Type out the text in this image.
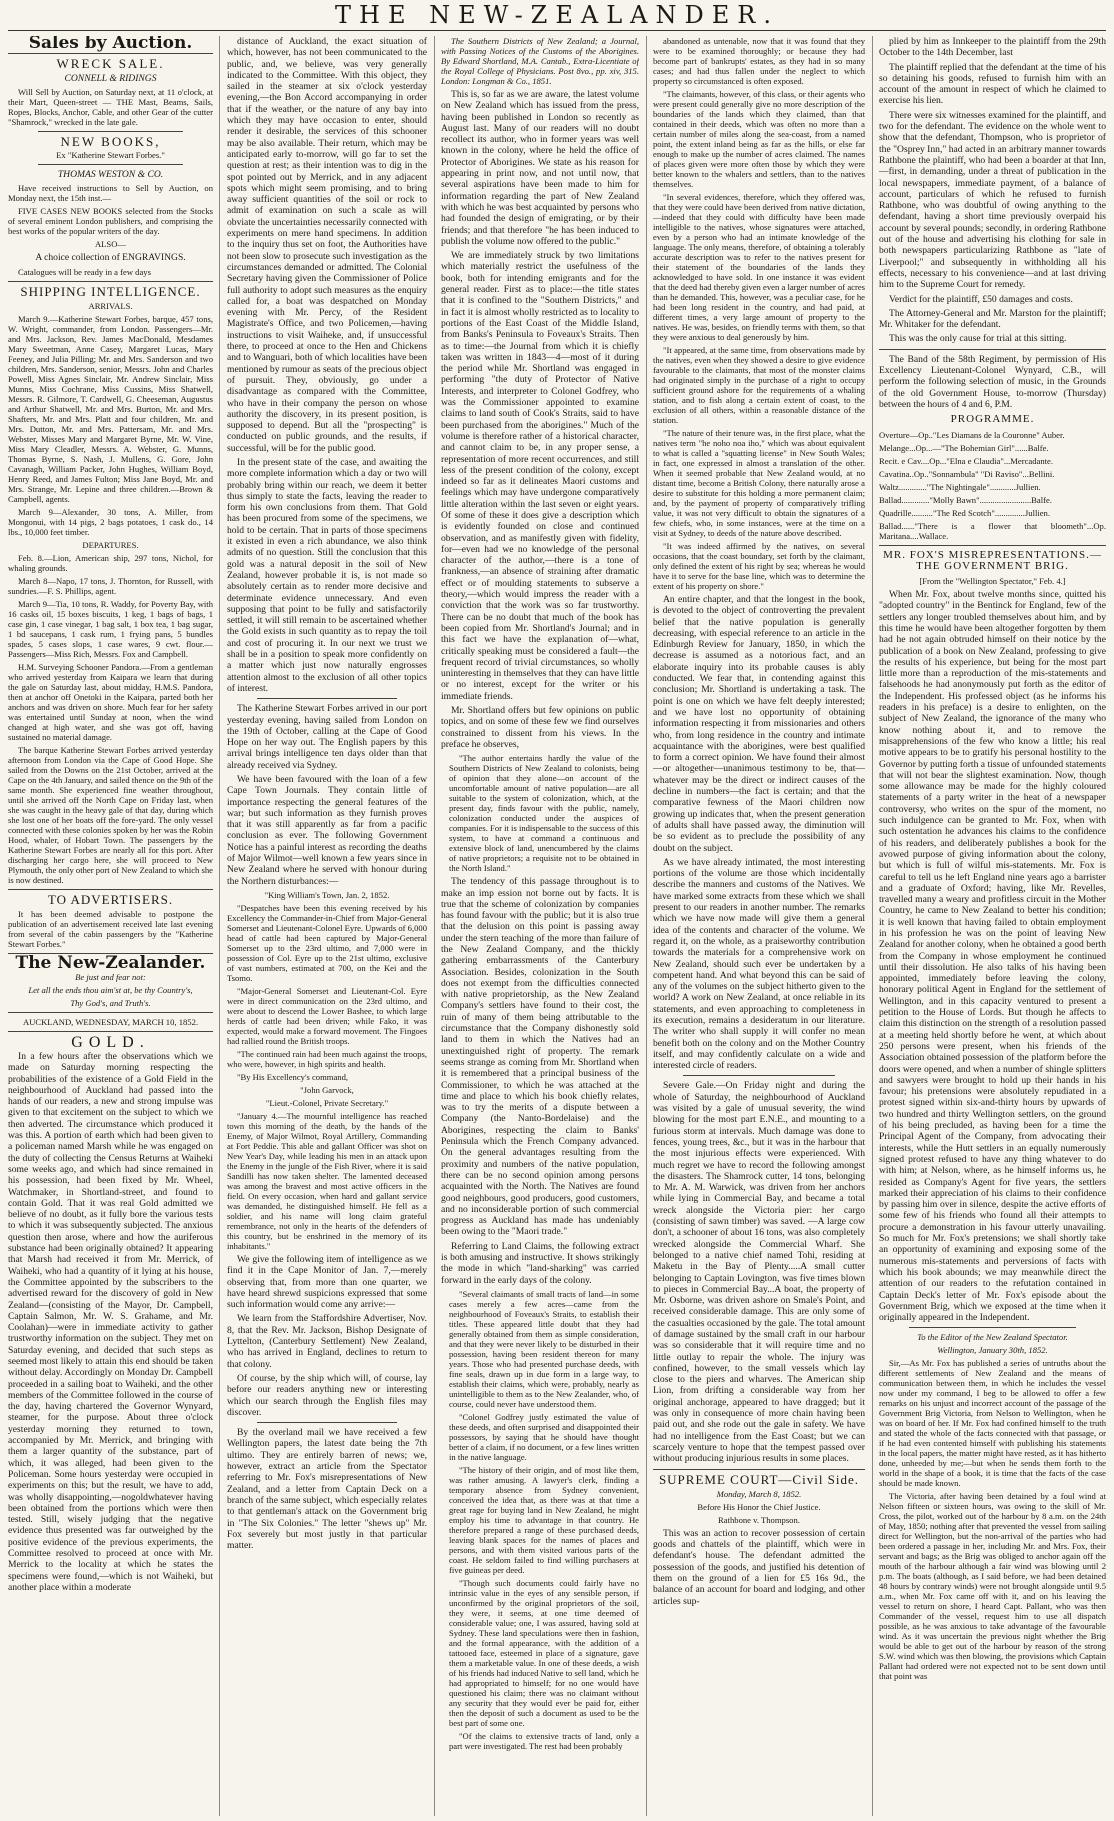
THE NEW-ZEALANDER.
Sales by Auction.
WRECK SALE.

CONNELL & RIDINGS

Will Sell by Auction, on Saturday next, at 11 o'clock, at their Mart, Queen-street — THE Mast, Beams, Sails, Ropes, Blocks, Anchor, Cable, and other Gear of the cutter "Shamrock," wrecked in the late gale.

NEW BOOKS,

Ex "Katherine Stewart Forbes."

THOMAS WESTON & CO.

Have received instructions to Sell by Auction, on Monday next, the 15th inst.—

FIVE CASES NEW BOOKS selected from the Stocks of several eminent London publishers, and comprising the best works of the popular writers of the day.

ALSO—

A choice collection of ENGRAVINGS.

Catalogues will be ready in a few days

SHIPPING INTELLIGENCE.

ARRIVALS.

March 9.—Katherine Stewart Forbes, barque, 457 tons, W. Wright, commander, from London. Passengers—Mr. and Mrs. Jackson, Rev. James MacDonald, Mesdames Mary Sweetman, Anne Casey, Margaret Lucas, Mary Feeney, and Julia Pilling; Mr. and Mrs. Sanderson and two children, Mrs. Sanderson, senior, Messrs. John and Charles Powell, Miss Agnes Sinclair, Mr. Andrew Sinclair, Miss Munns, Miss Cochrane, Miss Cussins, Miss Shatwell, Messrs. R. Gilmore, T. Cardwell, G. Cheeseman, Augustus and Arthur Shatwell, Mr. and Mrs. Burton, Mr. and Mrs. Shafters, Mr. and Mrs. Platt and four children, Mr. and Mrs. Dutton, Mr. and Mrs. Pattersam, Mr. and Mrs. Webster, Misses Mary and Margaret Byrne, Mr. W. Vine, Miss Mary Cleadler, Messrs. A. Webster, G. Munns, Thomas Byrne, S. Nash, J. Mullens, G. Gore, John Cavanagh, William Packer, John Hughes, William Boyd, Henry Reed, and James Fulton; Miss Jane Boyd, Mr. and Mrs. Strange, Mr. Lepine and three children.—Brown & Campbell, agents.

March 9—Alexander, 30 tons, A. Miller, from Mongonui, with 14 pigs, 2 bags potatoes, 1 cask do., 14 lbs., 10,000 feet timber.

DEPARTURES.

Feb. 8.—Lion, American ship, 297 tons, Nichol, for whaling grounds.

March 8—Napo, 17 tons, J. Thornton, for Russell, with sundries.—F. S. Phillips, agent.

March 9—Tia, 10 tons, R. Waddy, for Poverty Bay, with 16 casks oil, 15 boxes biscuits, 1 keg, 1 bags of bags, 1 case gin, 1 case vinegar, 1 bag salt, 1 box tea, 1 bag sugar, 1 bd saucepans, 1 cask rum, 1 frying pans, 5 bundles spades, 5 cases slops, 1 case wares, 9 cwt. flour.—Passengers—Miss Rich, Messrs. Fox and Campbell.

H.M. Surveying Schooner Pandora.—From a gentleman who arrived yesterday from Kaipara we learn that during the gale on Saturday last, about midday, H.M.S. Pandora, then at anchor off Onetoki in the Kaipara, parted both her anchors and was driven on shore. Much fear for her safety was entertained until Sunday at noon, when the wind changed at high water, and she was got off, having sustained no material damage.

The barque Katherine Stewart Forbes arrived yesterday afternoon from London via the Cape of Good Hope. She sailed from the Downs on the 21st October, arrived at the Cape on the 4th January, and sailed thence on the 9th of the same month. She experienced fine weather throughout, until she arrived off the North Cape on Friday last, when she was caught in the heavy gale of that day, during which she lost one of her boats off the fore-yard. The only vessel connected with these colonies spoken by her was the Robin Hood, whaler, of Hobart Town. The passengers by the Katherine Stewart Forbes are nearly all for this port. After discharging her cargo here, she will proceed to New Plymouth, the only other port of New Zealand to which she is now destined.

TO ADVERTISERS.

It has been deemed advisable to postpone the publication of an advertisement received late last evening from several of the cabin passengers by the "Katherine Stewart Forbes."

The New-Zealander.

Be just and fear not:

Let all the ends thou aim'st at, be thy Country's,

Thy God's, and Truth's.

AUCKLAND, WEDNESDAY, MARCH 10, 1852.

GOLD.

In a few hours after the observations which we made on Saturday morning respecting the probabilities of the existence of a Gold Field in the neighbourhood of Auckland had passed into the hands of our readers, a new and strong impulse was given to that excitement on the subject to which we then adverted. The circumstance which produced it was this. A portion of earth which had been given to a policeman named Marsh while he was engaged on the duty of collecting the Census Returns at Waiheki some weeks ago, and which had since remained in his possession, had been fixed by Mr. Wheel, Watchmaker, in Shortland-street, and found to contain Gold. That it was real Gold admitted we believe of no doubt, as it fully bore the various tests to which it was subsequently subjected. The anxious question then arose, where and how the auriferous substance had been originally obtained? It appearing that Marsh had received it from Mr. Merrick, of Waiheki, who had a quantity of it lying at his house, the Committee appointed by the subscribers to the advertised reward for the discovery of gold in New Zealand—(consisting of the Mayor, Dr. Campbell, Captain Salmon, Mr. W. S. Grahame, and Mr. Coolahan)—were in immediate activity to gather trustworthy information on the subject. They met on Saturday evening, and decided that such steps as seemed most likely to attain this end should be taken without delay. Accordingly on Monday Dr. Campbell proceeded in a sailing boat to Waiheki, and the other members of the Committee followed in the course of the day, having chartered the Governor Wynyard, steamer, for the purpose. About three o'clock yesterday morning they returned to town, accompanied by Mr. Merrick, and bringing with them a larger quantity of the substance, part of which, it was alleged, had been given to the Policeman. Some hours yesterday were occupied in experiments on this; but the result, we have to add, was wholly disappointing,—nogoldwhatever having been obtained from the portions which were then tested. Still, wisely judging that the negative evidence thus presented was far outweighed by the positive evidence of the previous experiments, the Committee resolved to proceed at once with Mr. Merrick to the locality at which he states the specimens were found,—which is not Waiheki, but another place within a moderate

distance of Auckland, the exact situation of which, however, has not been communicated to the public, and, we believe, was very generally indicated to the Committee. With this object, they sailed in the steamer at six o'clock yesterday evening,—the Bon Accord accompanying in order that if the weather, or the nature of any bay into which they may have occasion to enter, should render it desirable, the services of this schooner may be also available. Their return, which may be anticipated early to-morrow, will go far to set the question at rest; as their intention was to dig in the spot pointed out by Merrick, and in any adjacent spots which might seem promising, and to bring away sufficient quantities of the soil or rock to admit of examination on such a scale as will obviate the uncertainties necessarily connected with experiments on mere hand specimens. In addition to the inquiry thus set on foot, the Authorities have not been slow to prosecute such investigation as the circumstances demanded or admitted. The Colonial Secretary having given the Commissioner of Police full authority to adopt such measures as the enquiry called for, a boat was despatched on Monday evening with Mr. Percy, of the Resident Magistrate's Office, and two Policemen,—having instructions to visit Waiheke, and, if unsuccessful there, to proceed at once to the Hen and Chickens and to Wanguari, both of which localities have been mentioned by rumour as seats of the precious object of pursuit. They, obviously, go under a disadvantage as compared with the Committee, who have in their company the person on whose authority the discovery, in its present position, is supposed to depend. But all the "prospecting" is conducted on public grounds, and the results, if successful, will be for the public good.

In the present state of the case, and awaiting the more complete information which a day or two will probably bring within our reach, we deem it better thus simply to state the facts, leaving the reader to form his own conclusions from them. That Gold has been procured from some of the specimens, we hold to be certain. That in parts of those specimens it existed in even a rich abundance, we also think admits of no question. Still the conclusion that this gold was a natural deposit in the soil of New Zealand, however probable it is, is not made so absolutely certain as to render more decisive and determinate evidence unnecessary. And even supposing that point to be fully and satisfactorily settled, it will still remain to be ascertained whether the Gold exists in such quantity as to repay the toil and cost of procuring it. In our next we trust we shall be in a position to speak more confidently on a matter which just now naturally engrosses attention almost to the exclusion of all other topics of interest.

The Katherine Stewart Forbes arrived in our port yesterday evening, having sailed from London on the 19th of October, calling at the Cape of Good Hope on her way out. The English papers by this arrival brings intelligence ten days older than that already received via Sydney.

We have been favoured with the loan of a few Cape Town Journals. They contain little of importance respecting the general features of the war; but such information as they furnish proves that it was still apparently as far from a pacific conclusion as ever. The following Government Notice has a painful interest as recording the deaths of Major Wilmot—well known a few years since in New Zealand where he served with honour during the Northern disturbances:—

"King William's Town, Jan. 2, 1852.

"Despatches have been this evening received by his Excellency the Commander-in-Chief from Major-General Somerset and Lieutenant-Colonel Eyre. Upwards of 6,000 head of cattle had been captured by Major-General Somerset up to the 23rd ultimo, and 7,000 were in possession of Col. Eyre up to the 21st ultimo, exclusive of vast numbers, estimated at 700, on the Kei and the Tsomo.

"Major-General Somerset and Lieutenant-Col. Eyre were in direct communication on the 23rd ultimo, and were about to descend the Lower Bashee, to which large herds of cattle had been driven; while Fako, it was expected, would make a forward movement. The Fingoes had rallied round the British troops.

"The continued rain had been much against the troops, who were, however, in high spirits and health.

"By His Excellency's command,

"John Garvock,

"Lieut.-Colonel, Private Secretary."

"January 4.—The mournful intelligence has reached town this morning of the death, by the hands of the Enemy, of Major Wilmot, Royal Artillery, Commanding at Fort Peddie. This able and gallant Officer was shot on New Year's Day, while leading his men in an attack upon the Enemy in the jungle of the Fish River, where it is said Sandilli has now taken shelter. The lamented deceased was among the bravest and most active officers in the field. On every occasion, when hard and gallant service was demanded, he distinguished himself. He fell as a soldier, and his name will long claim grateful remembrance, not only in the hearts of the defenders of this country, but be enshrined in the memory of its inhabitants."

We give the following item of intelligence as we find it in the Cape Monitor of Jan. 7,—merely observing that, from more than one quarter, we have heard shrewd suspicions expressed that some such information would come any arrive:—

We learn from the Staffordshire Advertiser, Nov. 8, that the Rev. Mr. Jackson, Bishop Designate of Lyttelton, (Canterbury Settlement) New Zealand, who has arrived in England, declines to return to that colony.

Of course, by the ship which will, of course, lay before our readers anything new or interesting which our search through the English files may discover.

By the overland mail we have received a few Wellington papers, the latest date being the 7th ultimo. They are entirely barren of news; we, however, extract an article from the Spectator referring to Mr. Fox's misrepresentations of New Zealand, and a letter from Captain Deck on a branch of the same subject, which especially relates to that gentleman's attack on the Government brig in "The Six Colonies." The letter "shews up" Mr. Fox severely but most justly in that particular matter.

The Southern Districts of New Zealand; a Journal, with Passing Notices of the Customs of the Aborigines. By Edward Shortland, M.A. Cantab., Extra-Licentiate of the Royal College of Physicians. Post 8vo., pp. xiv, 315. London: Longman & Co., 1851.

This is, so far as we are aware, the latest volume on New Zealand which has issued from the press, having been published in London so recently as August last. Many of our readers will no doubt recollect its author, who in former years was well known in the colony, where he held the office of Protector of Aborigines. We state as his reason for appearing in print now, and not until now, that several aspirations have been made to him for information regarding the part of New Zealand with which he was best acquainted by persons who had founded the design of emigrating, or by their friends; and that therefore "he has been induced to publish the volume now offered to the public."

We are immediately struck by two limitations which materially restrict the usefulness of the book, both for intending emigrants and for the general reader. First as to place:—the title states that it is confined to the "Southern Districts," and in fact it is almost wholly restricted as to locality to portions of the East Coast of the Middle Island, from Banks's Peninsula to Foveaux's Straits. Then as to time:—the Journal from which it is chiefly taken was written in 1843—4—most of it during the period while Mr. Shortland was engaged in performing "the duty of Protector of Native Interests, and interpreter to Colonel Godfrey, who was the Commissioner appointed to examine claims to land south of Cook's Straits, said to have been purchased from the aborigines." Much of the volume is therefore rather of a historical character, and cannot claim to be, in any proper sense, a representation of more recent occurrences, and still less of the present condition of the colony, except indeed so far as it delineates Maori customs and feelings which may have undergone comparatively little alteration within the last seven or eight years. Of some of these it does give a description which is evidently founded on close and continued observation, and as manifestly given with fidelity, for—even had we no knowledge of the personal character of the author,—there is a tone of frankness,—an absence of straining after dramatic effect or of moulding statements to subserve a theory,—which would impress the reader with a conviction that the work was so far trustworthy. There can be no doubt that much of the book has been copied from Mr. Shortland's Journal; and in this fact we have the explanation of—what, critically speaking must be considered a fault—the frequent record of trivial circumstances, so wholly uninteresting in themselves that they can have little or no interest, except for the writer or his immediate friends.

Mr. Shortland offers but few opinions on public topics, and on some of these few we find ourselves constrained to dissent from his views. In the preface he observes,

"The author entertains hardly the value of the Southern Districts of New Zealand to colonists, being of opinion that they alone—on account of the uncomfortable amount of native population—are all suitable to the system of colonization, which, at the present day, finds favour with the public, namely, colonization conducted under the auspices of companies. For it is indispensable to the success of this system, to have at command a continuous and extensive block of land, unencumbered by the claims of native proprietors; a requisite not to be obtained in the North Island."

The tendency of this passage throughout is to make an imp ession not borne out by facts. It is true that the scheme of colonization by companies has found favour with the public; but it is also true that the delusion on this point is passing away under the stern teaching of the more than failure of the New Zealand Company, and the thickly gathering embarrassments of the Canterbury Association. Besides, colonization in the South does not exempt from the difficulties connected with native proprietorship, as the New Zealand Company's settlers have found to their cost, the ruin of many of them being attributable to the circumstance that the Company dishonestly sold land to them in which the Natives had an unextinguished right of property. The remark seems strange as coming from Mr. Shortland when it is remembered that a principal business of the Commissioner, to which he was attached at the time and place to which his book chiefly relates, was to try the merits of a dispute between a Company (the Nanto-Bordelaise) and the Aborigines, respecting the claim to Banks' Peninsula which the French Company advanced. On the general advantages resulting from the proximity and numbers of the native population, there can be no second opinion among persons acquainted with the North. The Natives are found good neighbours, good producers, good customers, and no inconsiderable portion of such commercial progress as Auckland has made has undeniably been owing to the "Maori trade."

Referring to Land Claims, the following extract is both amusing and instructive. It shows strikingly the mode in which "land-sharking" was carried forward in the early days of the colony.

"Several claimants of small tracts of land—in some cases merely a few acres—came from the neighbourhood of Foveaux's Straits, to establish their titles. These appeared little doubt that they had generally obtained from them as simple consideration, and that they were never likely to be disturbed in their possession, having been resident thereon for many years. Those who had presented purchase deeds, with fine seals, drawn up in due form in a large way, to establish their claims, which were, probably, nearly as unintelligible to them as to the New Zealander, who, of course, could never have understood them.

"Colonel Godfrey justly estimated the value of these deeds, and often surprised and disappointed their possessors, by saying that he should have thought better of a claim, if no document, or a few lines written in the native language.

"The history of their origin, and of most like them, was rather amusing. A lawyer's clerk, finding a temporary absence from Sydney convenient, conceived the idea that, as there was at that time a great rage for buying land in New Zealand, he might employ his time to advantage in that country. He therefore prepared a range of these purchased deeds, leaving blank spaces for the names of places and persons, and with them visited various parts of the coast. He seldom failed to find willing purchasers at five guineas per deed.

"Though such documents could fairly have no intrinsic value in the eyes of any sensible person, if unconfirmed by the original proprietors of the soil, they were, it seems, at one time deemed of considerable value; one, I was assured, having sold at Sydney. These land speculations were then in fashion, and the formal appearance, with the addition of a tattooed face, esteemed in place of a signature, gave them a marketable value. In one of these deeds, a wish of his friends had induced Native to sell land, which he had appropriated to himself; for no one would have questioned his claim; there was no claimant without any security that they would ever be paid for, either then the deposit of such a document as used to be the best part of some one.

"Of the claims to extensive tracts of land, only a part were investigated. The rest had been probably

abandoned as untenable, now that it was found that they were to be examined thoroughly; or because they had become part of bankrupts' estates, as they had in so many cases; and had thus fallen under the neglect to which property so circumstanced is often exposed.

"The claimants, however, of this class, or their agents who were present could generally give no more description of the boundaries of the lands which they claimed, than that contained in their deeds, which was often no more than a certain number of miles along the sea-coast, from a named point, the extent inland being as far as the hills, or else far enough to make up the number of acres claimed. The names of places given were more often those by which they were better known to the whalers and settlers, than to the natives themselves.

"In several evidences, therefore, which they offered was, that they were could have been derived from native dictation,—indeed that they could with difficulty have been made intelligible to the natives, whose signatures were attached, even by a person who had an intimate knowledge of the language. The only means, therefore, of obtaining a tolerably accurate description was to refer to the natives present for their statement of the boundaries of the lands they acknowledged to have sold. In one instance it was evident that the deed had thereby given even a larger number of acres than he demanded. This, however, was a peculiar case, for he had been long resident in the country, and had paid, at different times, a very large amount of property to the natives. He was, besides, on friendly terms with them, so that they were anxious to deal generously by him.

"It appeared, at the same time, from observations made by the natives, even when they showed a desire to give evidence favourable to the claimants, that most of the monster claims had originated simply in the purchase of a right to occupy sufficient ground ashore for the requirements of a whaling station, and to fish along a certain extent of coast, to the exclusion of all others, within a reasonable distance of the station.

"The nature of their tenure was, in the first place, what the natives term "he noho noa iho," which was about equivalent to what is called a "squatting license" in New South Wales; in fact, one expressed in almost a translation of the other. When it seemed probable that New Zealand would, at no distant time, become a British Colony, there naturally arose a desire to substitute for this holding a more permanent claim; and, by the payment of property of comparatively trifling value, it was not very difficult to obtain the signatures of a few chiefs, who, in some instances, were at the time on a visit at Sydney, to deeds of the nature above described.

"It was indeed affirmed by the natives, on several occasions, that the coast boundary, set forth by the claimant, only defined the extent of his right by sea; whereas he would have it to serve for the base line, which was to determine the extent of his property on shore."

An entire chapter, and that the longest in the book, is devoted to the object of controverting the prevalent belief that the native population is generally decreasing, with especial reference to an article in the Edinburgh Review for January, 1850, in which the decrease is assumed as a notorious fact, and an elaborate inquiry into its probable causes is ably conducted. We fear that, in contending against this conclusion; Mr. Shortland is undertaking a task. The point is one on which we have felt deeply interested; and we have lost no opportunity of obtaining information respecting it from missionaries and others who, from long residence in the country and intimate acquaintance with the aborigines, were best qualified to form a correct opinion. We have found their almost—or altogether—unanimous testimony to be, that—whatever may be the direct or indirect causes of the decline in numbers—the fact is certain; and that the comparative fewness of the Maori children now growing up indicates that, when the present generation of adults shall have passed away, the diminution will be so evident as to preclude the possibility of any doubt on the subject.

As we have already intimated, the most interesting portions of the volume are those which incidentally describe the manners and customs of the Natives. We have marked some extracts from these which we shall present to our readers in another number. The remarks which we have now made will give them a general idea of the contents and character of the volume. We regard it, on the whole, as a praiseworthy contribution towards the materials for a comprehensive work on New Zealand, should such ever be undertaken by a competent hand. And what beyond this can be said of any of the volumes on the subject hitherto given to the world? A work on New Zealand, at once reliable in its statements, and even approaching to completeness in its execution, remains a desideratum in our literature. The writer who shall supply it will confer no mean benefit both on the colony and on the Mother Country itself, and may confidently calculate on a wide and interested circle of readers.

Severe Gale.—On Friday night and during the whole of Saturday, the neighbourhood of Auckland was visited by a gale of unusual severity, the wind blowing for the most part E.N.E., and mounting to a furious storm at intervals. Much damage was done to fences, young trees, &c., but it was in the harbour that the most injurious effects were experienced. With much regret we have to record the following amongst the disasters. The Shamrock cutter, 14 tons, belonging to Mr. A. M. Warwick, was driven from her anchors while lying in Commercial Bay, and became a total wreck alongside the Victoria pier: her cargo (consisting of sawn timber) was saved. —A large cow don't, a schooner of about 16 tons, was also completely wrecked alongside the Commercial Wharf. She belonged to a native chief named Tohi, residing at Maketu in the Bay of Plenty.....A small cutter belonging to Captain Lovington, was five times blown to pieces in Commercial Bay...A boat, the property of Mr. Osborne, was driven ashore on Smale's Point, and received considerable damage. This are only some of the casualties occasioned by the gale. The total amount of damage sustained by the small craft in our harbour was so considerable that it will require time and no little outlay to repair the whole. The injury was confined, however, to the small vessels which lay close to the piers and wharves. The American ship Lion, from drifting a considerable way from her original anchorage, appeared to have dragged; but it was only in consequence of more chain having been paid out, and she rode out the gale in safety. We have had no intelligence from the East Coast; but we can scarcely venture to hope that the tempest passed over without producing injurious results in some places.

SUPREME COURT—Civil Side.

Monday, March 8, 1852.

Before His Honor the Chief Justice.

Rathbone v. Thompson.

This was an action to recover possession of certain goods and chattels of the plaintiff, which were in defendant's house. The defendant admitted the possession of the goods, and justified his detention of them on the ground of a lien for £5 16s 9d., the balance of an account for board and lodging, and other articles sup-

plied by him as Innkeeper to the plaintiff from the 29th October to the 14th December, last

The plaintiff replied that the defendant at the time of his so detaining his goods, refused to furnish him with an account of the amount in respect of which he claimed to exercise his lien.

There were six witnesses examined for the plaintiff, and two for the defendant. The evidence on the whole went to show that the defendant, Thompson, who is proprietor of the "Osprey Inn," had acted in an arbitrary manner towards Rathbone the plaintiff, who had been a boarder at that Inn,—first, in demanding, under a threat of publication in the local newspapers, immediate payment, of a balance of account, particulars of which he refused to furnish Rathbone, who was doubtful of owing anything to the defendant, having a short time previously overpaid his account by several pounds; secondly, in ordering Rathbone out of the house and advertising his clothing for sale in both newspapers particularizing Rathbone as "late of Liverpool;" and subsequently in withholding all his effects, necessary to his convenience—and at last driving him to the Supreme Court for remedy.

Verdict for the plaintiff, £50 damages and costs.

The Attorney-General and Mr. Marston for the plaintiff; Mr. Whitaker for the defendant.

This was the only cause for trial at this sitting.

The Band of the 58th Regiment, by permission of His Excellency Lieutenant-Colonel Wynyard, C.B., will perform the following selection of music, in the Grounds of the old Government House, to-morrow (Thursday) between the hours of 4 and 6, P.M.

PROGRAMME.

Overture—Op.."Les Diamans de la Couronne" Auber.

Melange...Op...—"The Bohemian Girl"......Balfe.

Recit. e Cav....Op..."Elna e Claudia"...Mercadante.

Cavatina..Op.."Sonnambula" "Di Raviso"...Bellini.

Waltz............."The Nightingale"............Jullien.

Ballad............."Molly Bawn"........................Balfe.

Quadrille.........."The Red Scotch"..............Jullien.

Ballad......"There is a flower that bloometh"...Op. Maritana....Wallace.

MR. FOX'S MISREPRESENTATIONS.—
THE GOVERNMENT BRIG.

[From the "Wellington Spectator," Feb. 4.]

When Mr. Fox, about twelve months since, quitted his "adopted country" in the Bentinck for England, few of the settlers any longer troubled themselves about him, and by this time he would have been altogether forgotten by them had he not again obtruded himself on their notice by the publication of a book on New Zealand, professing to give the results of his experience, but being for the most part little more than a reproduction of the mis-statements and falsehoods he had anonymously put forth as the editor of the Independent. His professed object (as he informs his readers in his preface) is a desire to enlighten, on the subject of New Zealand, the ignorance of the many who know nothing about it, and to remove the misapprehensions of the few who know a little; his real motive appears to be to gratify his personal hostility to the Governor by putting forth a tissue of unfounded statements that will not bear the slightest examination. Now, though some allowance may be made for the highly coloured statements of a party writer in the heat of a newspaper controversy, who writes on the spur of the moment, no such indulgence can be granted to Mr. Fox, when with such ostentation he advances his claims to the confidence of his readers, and deliberately publishes a book for the avowed purpose of giving information about the colony, but which is full of wilful mis-statements. Mr. Fox is careful to tell us he left England nine years ago a barrister and a graduate of Oxford; having, like Mr. Revelles, travelled many a weary and profitless circuit in the Mother Country, he came to New Zealand to better his condition; it is well known that having failed to obtain employment in his profession he was on the point of leaving New Zealand for another colony, when he obtained a good berth from the Company in whose employment he continued until their dissolution. He also talks of his having been appointed, immediately before leaving the colony, honorary political Agent in England for the settlement of Wellington, and in this capacity ventured to present a petition to the House of Lords. But though he affects to claim this distinction on the strength of a resolution passed at a meeting held shortly before he went, at which about 250 persons were present, when his friends of the Association obtained possession of the platform before the doors were opened, and when a number of shingle splitters and sawyers were brought to hold up their hands in his favour; his pretensions were absolutely repudiated in a protest signed within six-and-thirty hours by upwards of two hundred and thirty Wellington settlers, on the ground of his being precluded, as having been for a time the Principal Agent of the Company, from advocating their interests, while the Hutt settlers in an equally numerously signed protest refused to have any thing whatever to do with him; at Nelson, where, as he himself informs us, he resided as Company's Agent for five years, the settlers marked their appreciation of his claims to their confidence by passing him over in silence, despite the active efforts of some few of his friends who found all their attempts to procure a demonstration in his favour utterly unavailing. So much for Mr. Fox's pretensions; we shall shortly take an opportunity of examining and exposing some of the numerous mis-statements and perversions of facts with which his book abounds; we may meanwhile direct the attention of our readers to the refutation contained in Captain Deck's letter of Mr. Fox's episode about the Government Brig, which we exposed at the time when it originally appeared in the Independent.

To the Editor of the New Zealand Spectator.

Wellington, January 30th, 1852.

Sir,—As Mr. Fox has published a series of untruths about the different settlements of New Zealand and the means of communication between them, in which he includes the vessel now under my command, I beg to be allowed to offer a few remarks on his unjust and incorrect account of the passage of the Government Brig Victoria, from Nelson to Wellington, when he was on board of her. If Mr. Fox had confined himself to the truth and stated the whole of the facts connected with that passage, or if he had even contented himself with publishing his statements in the local papers, the matter might have rested, as it has hitherto done, unheeded by me;—but when he sends them forth to the world in the shape of a book, it is time that the facts of the case should be made known.

The Victoria, after having been detained by a foul wind at Nelson fifteen or sixteen hours, was owing to the skill of Mr. Cross, the pilot, worked out of the harbour by 8 a.m. on the 24th of May, 1850; nothing after that prevented the vessel from sailing direct for Wellington, but the non-arrival of the parties who had been ordered a passage in her, including Mr. and Mrs. Fox, their servant and bags; as the Brig was obliged to anchor again off the mouth of the harbour although a fair wind was blowing until 2 p.m. The boats (although, as I said before, we had been detained 48 hours by contrary winds) were not brought alongside until 9.5 a.m., when Mr. Fox came off with it, and on his leaving the vessel to return on shore, I heard Capt. Pallant, who was then Commander of the vessel, request him to use all dispatch possible, as he was anxious to take advantage of the favourable wind. As it was uncertain the previous night whether the Brig would be able to get out of the harbour by reason of the strong S.W. wind which was then blowing, the provisions which Captain Pallant had ordered were not expected not to be sent down until that point was
